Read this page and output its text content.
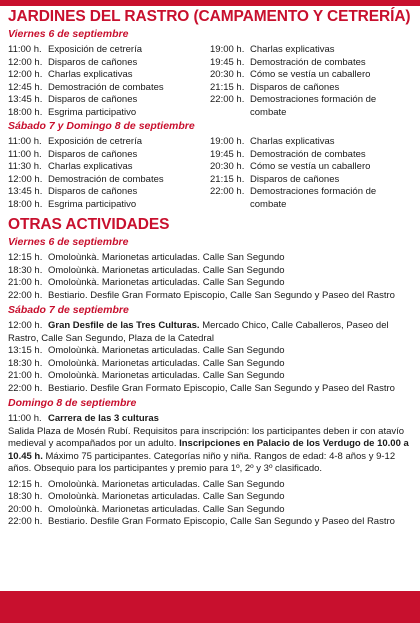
JARDINES DEL RASTRO (CAMPAMENTO Y CETRERÍA)
Viernes 6 de septiembre
11:00 h. Exposición de cetrería
12:00 h. Disparos de cañones
12:00 h. Charlas explicativas
12:45 h. Demostración de combates
13:45 h. Disparos de cañones
18:00 h. Esgrima participativo
19:00 h. Charlas explicativas
19:45 h. Demostración de combates
20:30 h. Cómo se vestía un caballero
21:15 h. Disparos de cañones
22:00 h. Demostraciones formación de combate
Sábado 7 y Domingo 8 de septiembre
11:00 h. Exposición de cetrería
11:00 h. Disparos de cañones
11:30 h. Charlas explicativas
12:00 h. Demostración de combates
13:45 h. Disparos de cañones
18:00 h. Esgrima participativo
19:00 h. Charlas explicativas
19:45 h. Demostración de combates
20:30 h. Cómo se vestía un caballero
21:15 h. Disparos de cañones
22:00 h. Demostraciones formación de combate
OTRAS ACTIVIDADES
Viernes 6 de septiembre
12:15 h. Omoloùnkà. Marionetas articuladas. Calle San Segundo
18:30 h. Omoloùnkà. Marionetas articuladas. Calle San Segundo
21:00 h. Omoloùnkà. Marionetas articuladas. Calle San Segundo
22:00 h. Bestiario. Desfile Gran Formato Episcopio, Calle San Segundo y Paseo del Rastro
Sábado 7 de septiembre
12:00 h. Gran Desfile de las Tres Culturas. Mercado Chico, Calle Caballeros, Paseo del Rastro, Calle San Segundo, Plaza de la Catedral
13:15 h. Omoloùnkà. Marionetas articuladas. Calle San Segundo
18:30 h. Omoloùnkà. Marionetas articuladas. Calle San Segundo
21:00 h. Omoloùnkà. Marionetas articuladas. Calle San Segundo
22:00 h. Bestiario. Desfile Gran Formato Episcopio, Calle San Segundo y Paseo del Rastro
Domingo 8 de septiembre
11:00 h. Carrera de las 3 culturas
Salida Plaza de Mosén Rubí. Requisitos para inscripción: los participantes deben ir con atavío medieval y acompañados por un adulto. Inscripciones en Palacio de los Verdugo de 10.00 a 10.45 h. Máximo 75 participantes. Categorías niño y niña. Rangos de edad: 4-8 años y 9-12 años. Obsequio para los participantes y premio para 1º, 2º y 3º clasificado.
12:15 h. Omoloùnkà. Marionetas articuladas. Calle San Segundo
18:30 h. Omoloùnkà. Marionetas articuladas. Calle San Segundo
20:00 h. Omoloùnkà. Marionetas articuladas. Calle San Segundo
22:00 h. Bestiario. Desfile Gran Formato Episcopio, Calle San Segundo y Paseo del Rastro
